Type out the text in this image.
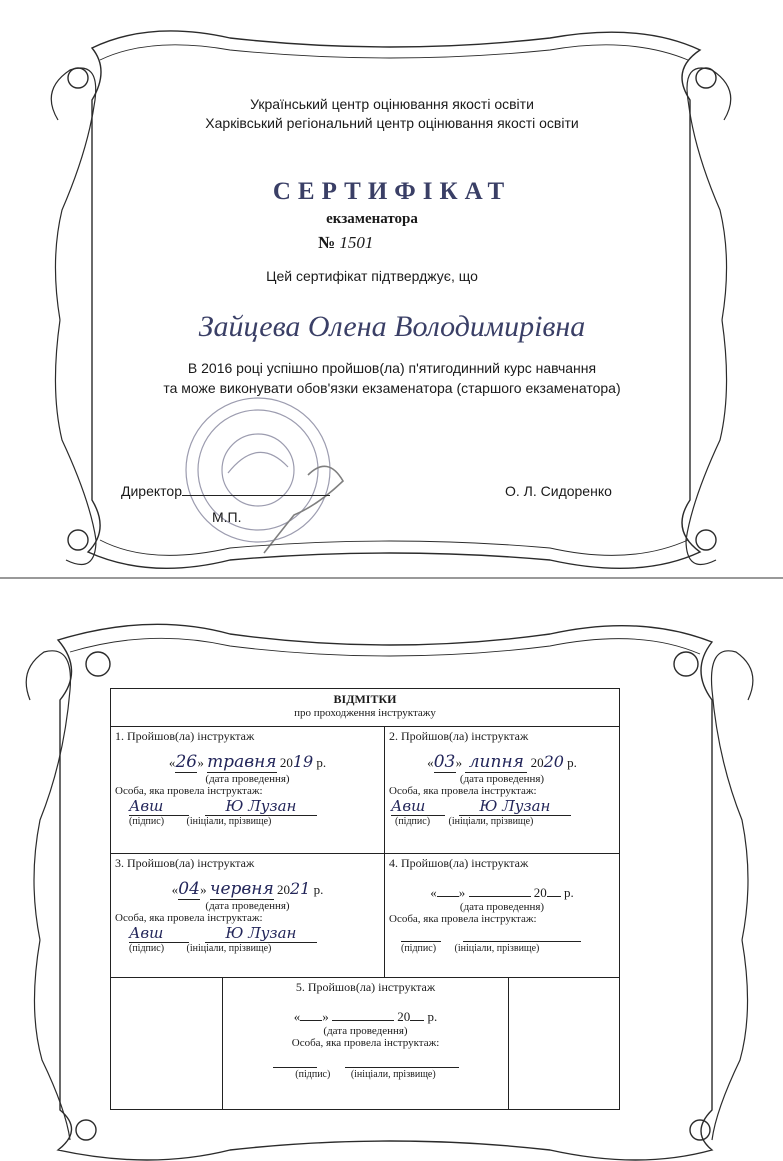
Український центр оцінювання якості освіти
Харківський регіональний центр оцінювання якості освіти
СЕРТИФІКАТ
екзаменатора
№ 1501
Цей сертифікат підтверджує, що
Зайцева Олена Володимирівна
В 2016 році успішно пройшов(ла) п'ятигодинний курс навчання
та може виконувати обов'язки екзаменатора (старшого екзаменатора)
Директор	О. Л. Сидоренко
М.П.
ВІДМІТКИ
про проходження інструктажу
1. Пройшов(ла) інструктаж
«26» травня 2019 р.
(дата проведення)
Особа, яка провела інструктаж:
Авш	Ю Лузан
(підпис) (ініціали, прізвище)
2. Пройшов(ла) інструктаж
«03» липня 2020 р.
(дата проведення)
Особа, яка провела інструктаж:
Авш	Ю Лузан
(підпис) (ініціали, прізвище)
3. Пройшов(ла) інструктаж
«04» червня 2021 р.
(дата проведення)
Особа, яка провела інструктаж:
Авш	Ю Лузан
(підпис) (ініціали, прізвище)
4. Пройшов(ла) інструктаж
« »	20 р.
(дата проведення)
Особа, яка провела інструктаж:

(підпис) (ініціали, прізвище)
5. Пройшов(ла) інструктаж
« »	20 р.
(дата проведення)
Особа, яка провела інструктаж:

(підпис) (ініціали, прізвище)
